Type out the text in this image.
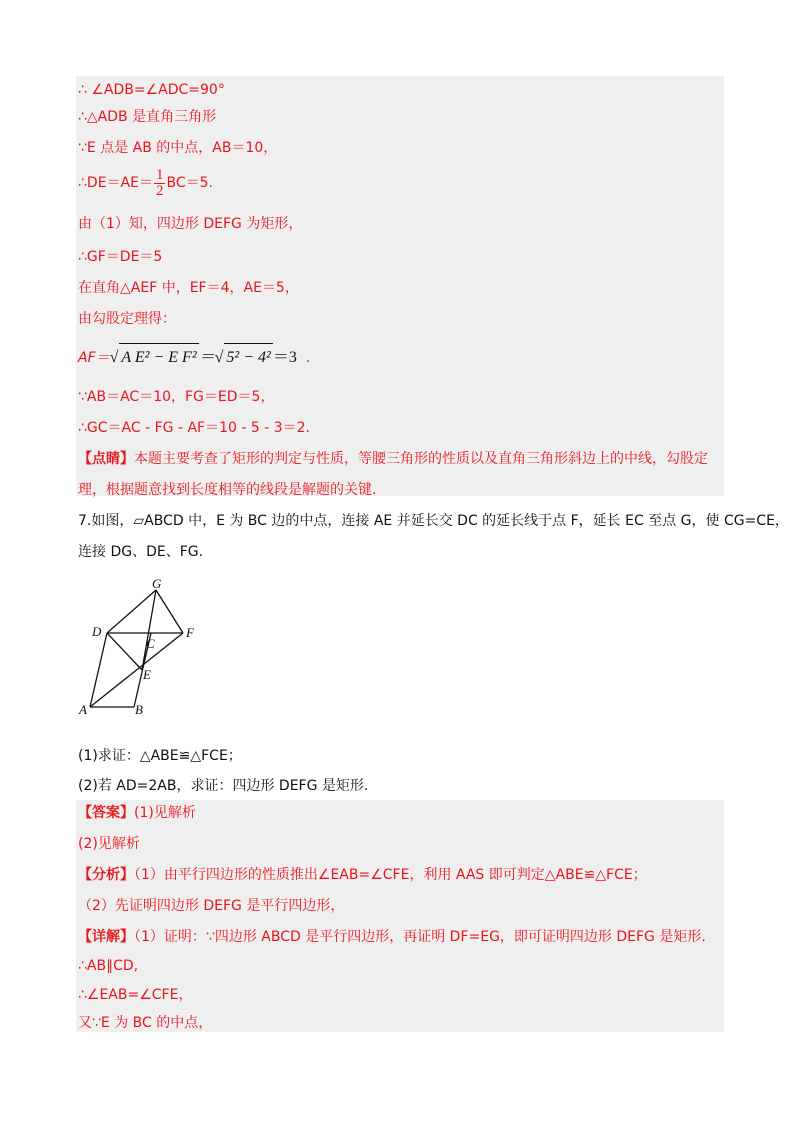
∴ ∠ADB=∠ADC=90°
∴△ADB 是直角三角形
∵E 点是 AB 的中点，AB＝10，
∴DE＝AE＝ $\frac{1}{2} BC=5$.
由（1）知，四边形 DEFG 为矩形，
∴GF＝DE＝5
在直角△AEF 中，EF＝4，AE＝5，
由勾股定理得：
AF＝√ A E² − E F² ＝√ 5² − 4² ＝3 .
∵AB＝AC＝10，FG＝ED＝5，
∴GC＝AC - FG - AF＝10 - 5 - 3＝2.
【点睛】本题主要考查了矩形的判定与性质，等腰三角形的性质以及直角三角形斜边上的中线，勾股定
理，根据题意找到长度相等的线段是解题的关键.
7.如图，▱ABCD 中，E 为 BC 边的中点，连接 AE 并延长交 DC 的延长线于点 F，延长 EC 至点 G，使 CG=CE，
连接 DG、DE、FG.
G
D
C
F
E
A	B
(1)求证：△ABE≌△FCE；
(2)若 AD=2AB，求证：四边形 DEFG 是矩形.
【答案】(1)见解析
(2)见解析
【分析】（1）由平行四边形的性质推出∠EAB=∠CFE，利用 AAS 即可判定△ABE≌△FCE；
（2）先证明四边形 DEFG 是平行四边形，
【详解】（1）证明：∵四边形 ABCD 是平行四边形，再证明 DF=EG，即可证明四边形 DEFG 是矩形.
∴AB∥CD,
∴∠EAB=∠CFE，
又∵E 为 BC 的中点，
